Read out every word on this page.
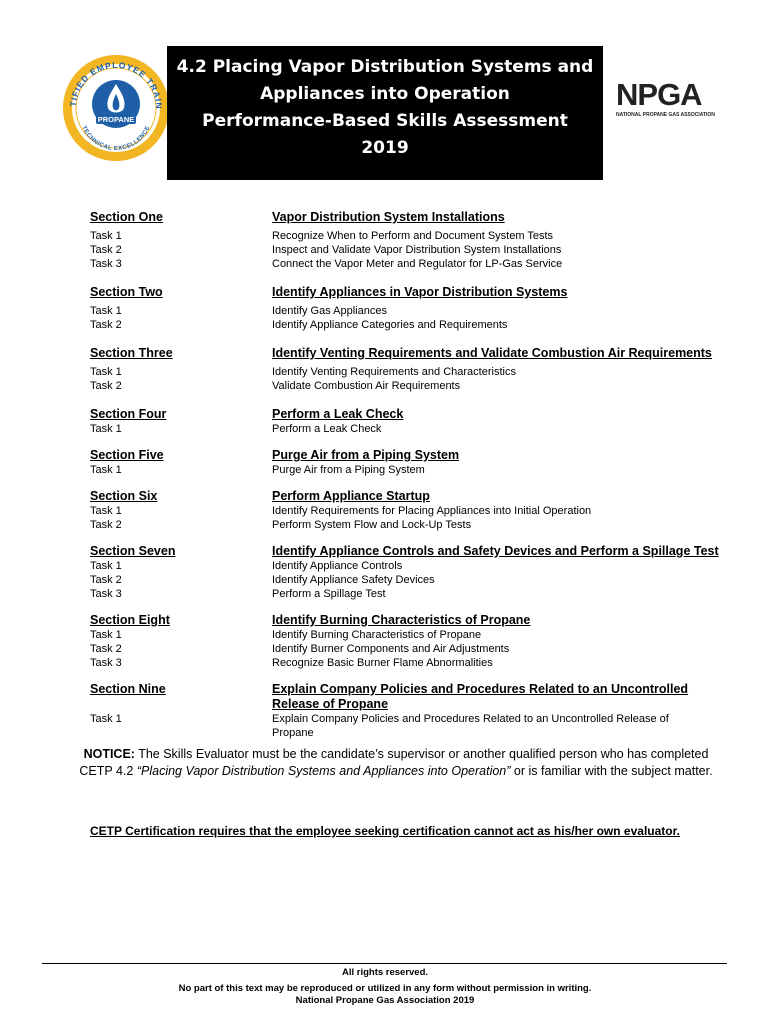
TIFIED EMPLOYEE TRAIN
TECHNICAL EXCELLENCE
PROPANE
4.2 Placing Vapor Distribution Systems and
Appliances into Operation
Performance-Based Skills Assessment
2019
NPGA
NATIONAL PROPANE GAS ASSOCIATION
Section One	Vapor Distribution System Installations
Task 1	Recognize When to Perform and Document System Tests
Task 2	Inspect and Validate Vapor Distribution System Installations
Task 3	Connect the Vapor Meter and Regulator for LP-Gas Service
Section Two	Identify Appliances in Vapor Distribution Systems
Task 1	Identify Gas Appliances
Task 2	Identify Appliance Categories and Requirements
Section Three	Identify Venting Requirements and Validate Combustion Air Requirements
Task 1	Identify Venting Requirements and Characteristics
Task 2	Validate Combustion Air Requirements
Section Four	Perform a Leak Check
Task 1	Perform a Leak Check
Section Five	Purge Air from a Piping System
Task 1	Purge Air from a Piping System
Section Six	Perform Appliance Startup
Task 1	Identify Requirements for Placing Appliances into Initial Operation
Task 2	Perform System Flow and Lock-Up Tests
Section Seven	Identify Appliance Controls and Safety Devices and Perform a Spillage Test
Task 1	Identify Appliance Controls
Task 2	Identify Appliance Safety Devices
Task 3	Perform a Spillage Test
Section Eight	Identify Burning Characteristics of Propane
Task 1	Identify Burning Characteristics of Propane
Task 2	Identify Burner Components and Air Adjustments
Task 3	Recognize Basic Burner Flame Abnormalities
Section Nine	Explain Company Policies and Procedures Related to an Uncontrolled Release of Propane
Task 1	Explain Company Policies and Procedures Related to an Uncontrolled Release of Propane
NOTICE: The Skills Evaluator must be the candidate’s supervisor or another qualified person who has completed CETP 4.2 “Placing Vapor Distribution Systems and Appliances into Operation” or is familiar with the subject matter.
CETP Certification requires that the employee seeking certification cannot act as his/her own evaluator.
All rights reserved.
No part of this text may be reproduced or utilized in any form without permission in writing.
National Propane Gas Association 2019
